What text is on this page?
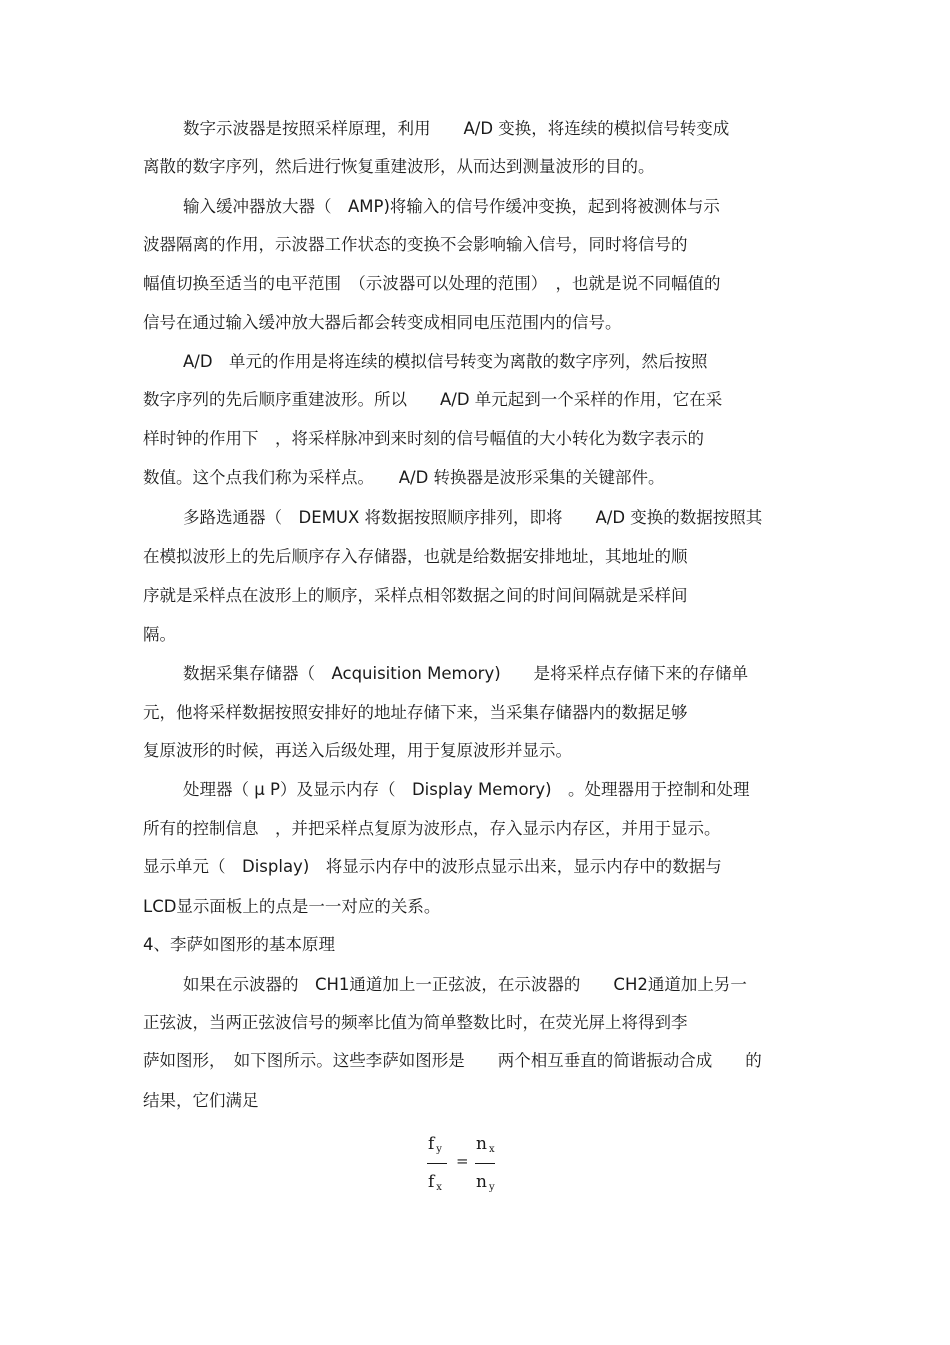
数字示波器是按照采样原理，利用　　A/D 变换，将连续的模拟信号转变成
离散的数字序列，然后进行恢复重建波形，从而达到测量波形的目的。
输入缓冲器放大器（　AMP)将输入的信号作缓冲变换，起到将被测体与示
波器隔离的作用，示波器工作状态的变换不会影响输入信号，同时将信号的
幅值切换至适当的电平范围　（示波器可以处理的范围）　，也就是说不同幅值的
信号在通过输入缓冲放大器后都会转变成相同电压范围内的信号。
A/D　单元的作用是将连续的模拟信号转变为离散的数字序列，然后按照
数字序列的先后顺序重建波形。所以　　A/D 单元起到一个采样的作用，它在采
样时钟的作用下　，将采样脉冲到来时刻的信号幅值的大小转化为数字表示的
数值。这个点我们称为采样点。　　A/D 转换器是波形采集的关键部件。
多路选通器（　DEMUX 将数据按照顺序排列，即将　　A/D 变换的数据按照其
在模拟波形上的先后顺序存入存储器，也就是给数据安排地址，其地址的顺
序就是采样点在波形上的顺序，采样点相邻数据之间的时间间隔就是采样间
隔。
数据采集存储器（　Acquisition Memory)　　是将采样点存储下来的存储单
元，他将采样数据按照安排好的地址存储下来，当采集存储器内的数据足够
复原波形的时候，再送入后级处理，用于复原波形并显示。
处理器（ μ P）及显示内存（　Display Memory)　。处理器用于控制和处理
所有的控制信息　，并把采样点复原为波形点，存入显示内存区，并用于显示。
显示单元（　Display)　将显示内存中的波形点显示出来，显示内存中的数据与
LCD显示面板上的点是一一对应的关系。
4、李萨如图形的基本原理
如果在示波器的　CH1通道加上一正弦波，在示波器的　　CH2通道加上另一
正弦波，当两正弦波信号的频率比值为简单整数比时，在荧光屏上将得到李
萨如图形，　如下图所示。这些李萨如图形是　　两个相互垂直的简谐振动合成　　的
结果，它们满足
f $_y$
f $_x$
=
n $_x$
n $_y$
